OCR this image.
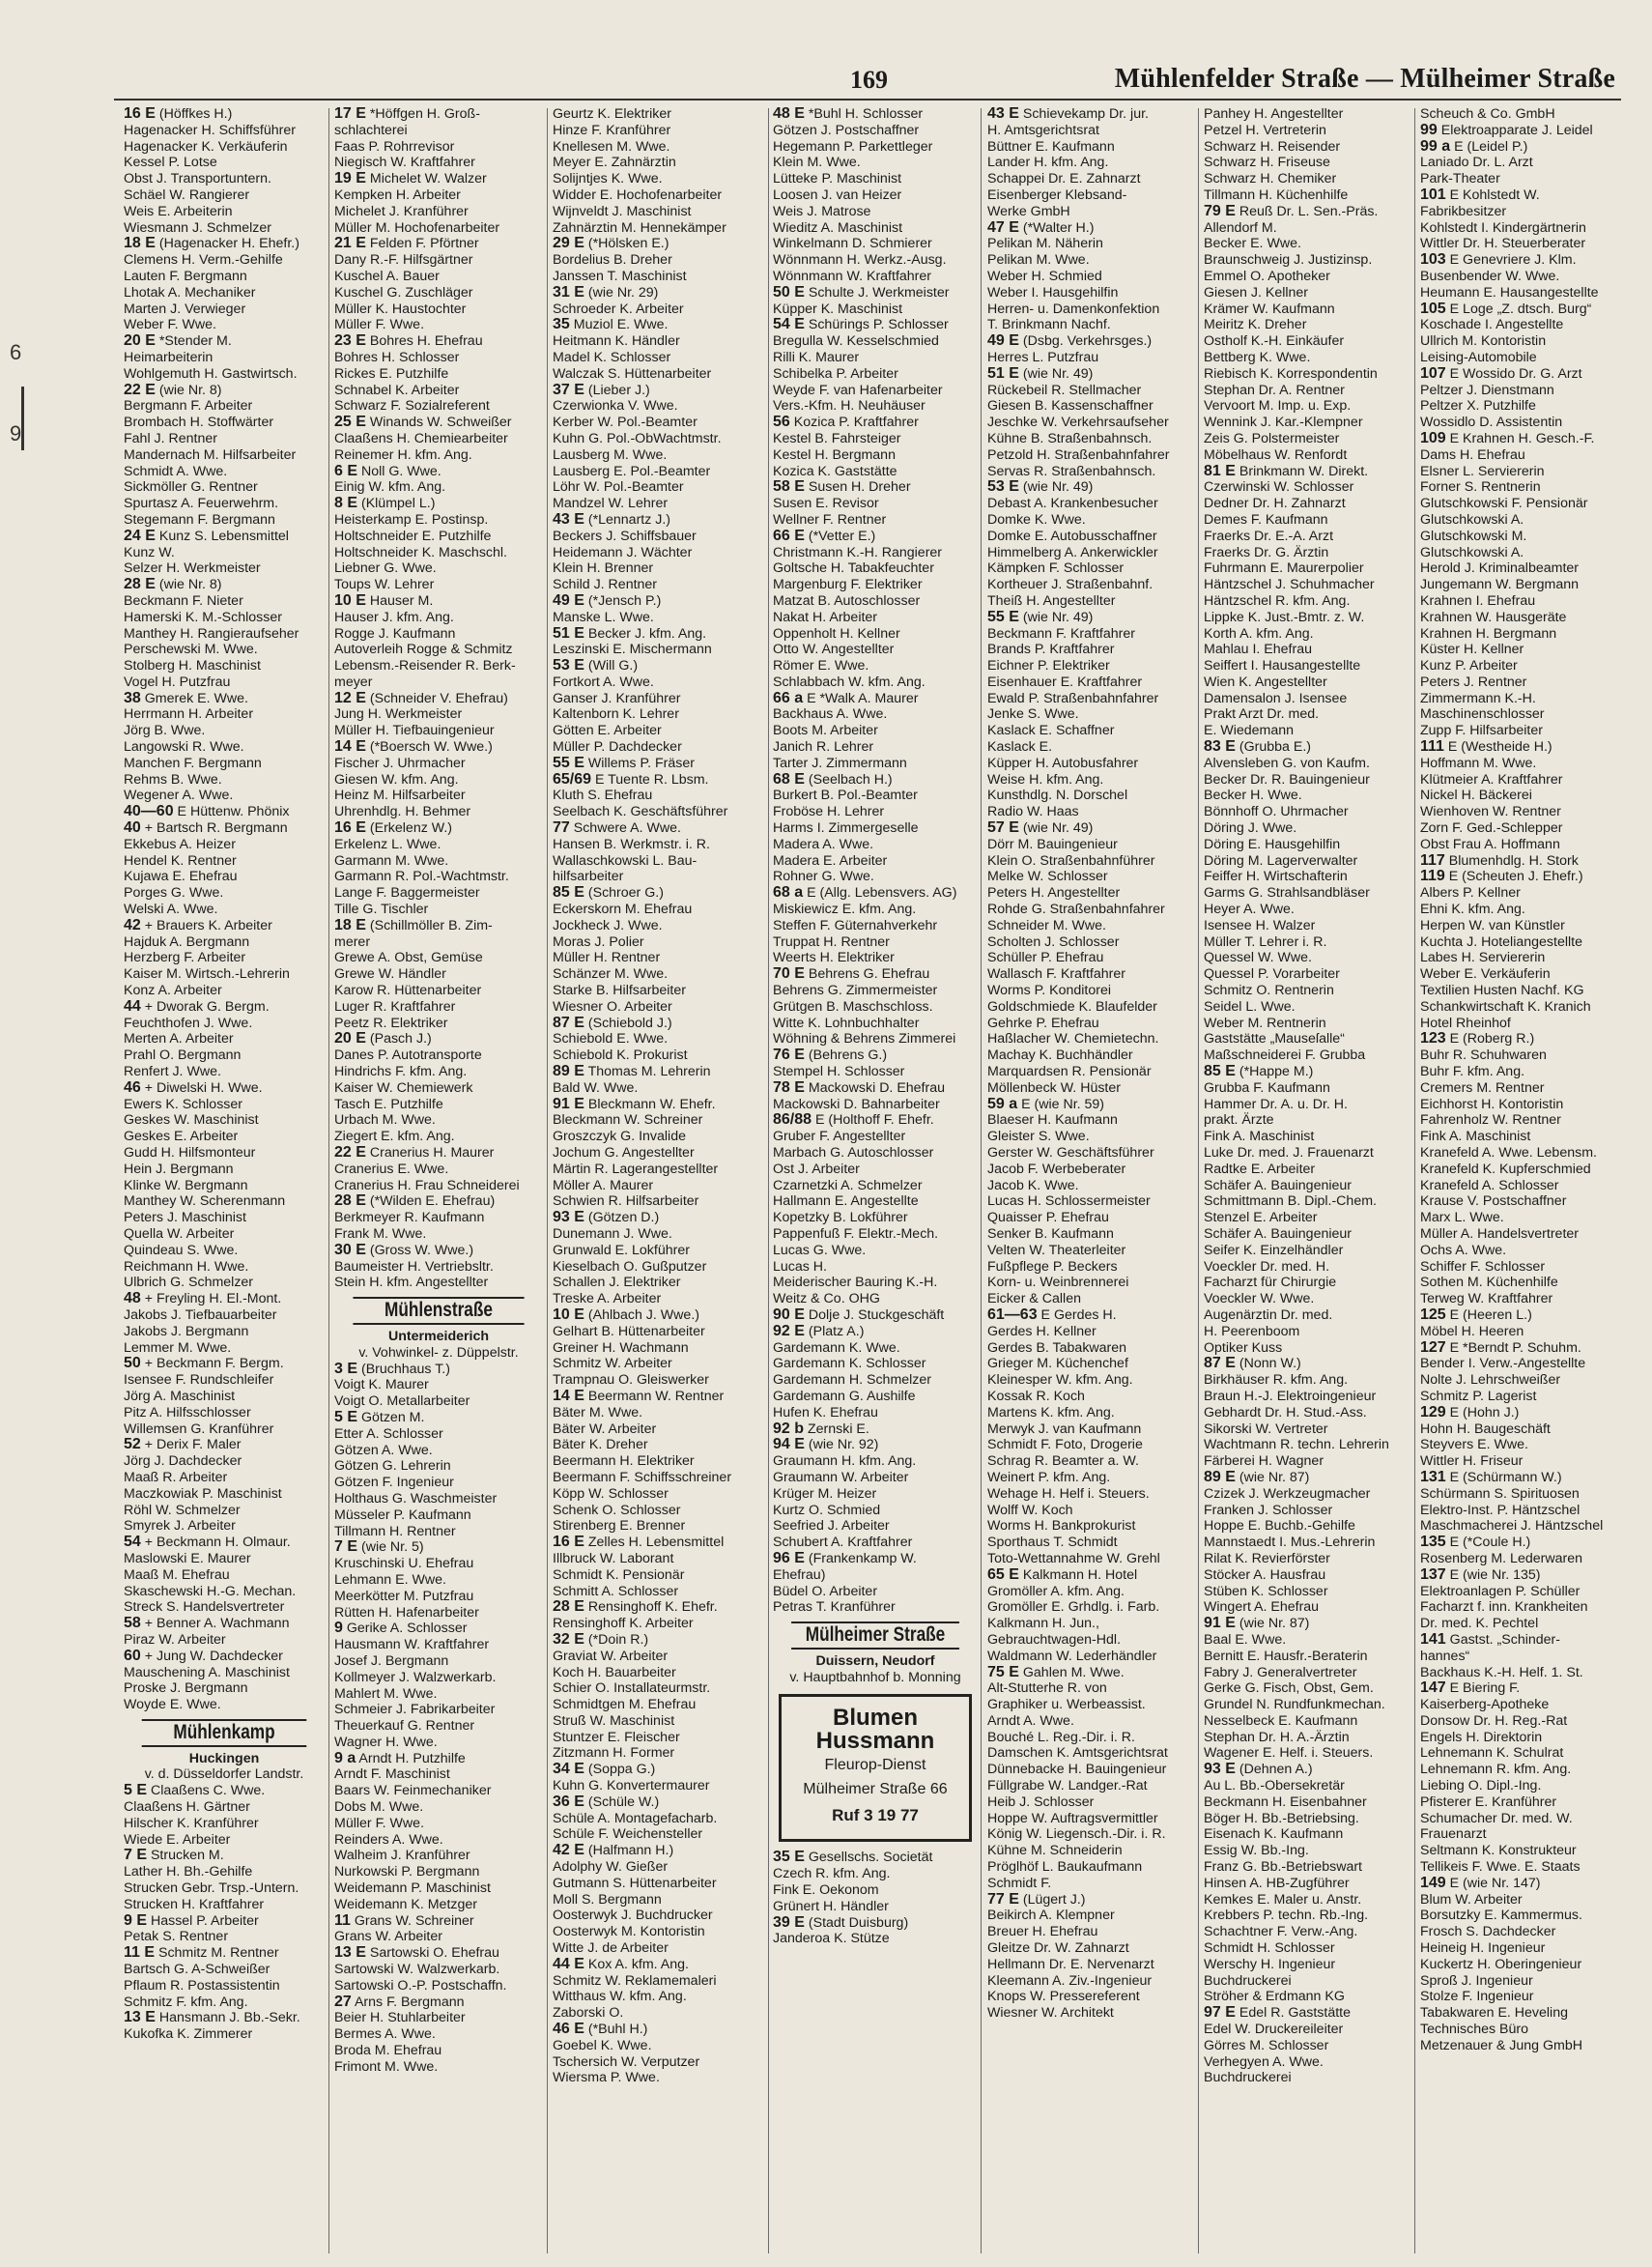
169	Mühlenfelder Straße — Mülheimer Straße
6
9
16 E (Höffkes H.)
Hagenacker H. Schiffsführer
Hagenacker K. Verkäuferin
Kessel P. Lotse
Obst J. Transportuntern.
Schäel W. Rangierer
Weis E. Arbeiterin
Wiesmann J. Schmelzer
18 E (Hagenacker H. Ehefr.)
Clemens H. Verm.-Gehilfe
Lauten F. Bergmann
Lhotak A. Mechaniker
Marten J. Verwieger
Weber F. Wwe.
20 E *Stender M.
Heimarbeiterin
Wohlgemuth H. Gastwirtsch.
22 E (wie Nr. 8)
Bergmann F. Arbeiter
Brombach H. Stoffwärter
Fahl J. Rentner
Mandernach M. Hilfsarbeiter
Schmidt A. Wwe.
Sickmöller G. Rentner
Spurtasz A. Feuerwehrm.
Stegemann F. Bergmann
24 E Kunz S. Lebensmittel
Kunz W.
Selzer H. Werkmeister
28 E (wie Nr. 8)
Beckmann F. Nieter
Hamerski K. M.-Schlosser
Manthey H. Rangieraufseher
Perschewski M. Wwe.
Stolberg H. Maschinist
Vogel H. Putzfrau
38 Gmerek E. Wwe.
Herrmann H. Arbeiter
Jörg B. Wwe.
Langowski R. Wwe.
Manchen F. Bergmann
Rehms B. Wwe.
Wegener A. Wwe.
40—60 E Hüttenw. Phönix
40 + Bartsch R. Bergmann
Ekkebus A. Heizer
Hendel K. Rentner
Kujawa E. Ehefrau
Porges G. Wwe.
Welski A. Wwe.
42 + Brauers K. Arbeiter
Hajduk A. Bergmann
Herzberg F. Arbeiter
Kaiser M. Wirtsch.-Lehrerin
Konz A. Arbeiter
44 + Dworak G. Bergm.
Feuchthofen J. Wwe.
Merten A. Arbeiter
Prahl O. Bergmann
Renfert J. Wwe.
46 + Diwelski H. Wwe.
Ewers K. Schlosser
Geskes W. Maschinist
Geskes E. Arbeiter
Gudd H. Hilfsmonteur
Hein J. Bergmann
Klinke W. Bergmann
Manthey W. Scherenmann
Peters J. Maschinist
Quella W. Arbeiter
Quindeau S. Wwe.
Reichmann H. Wwe.
Ulbrich G. Schmelzer
48 + Freyling H. El.-Mont.
Jakobs J. Tiefbauarbeiter
Jakobs J. Bergmann
Lemmer M. Wwe.
50 + Beckmann F. Bergm.
Isensee F. Rundschleifer
Jörg A. Maschinist
Pitz A. Hilfsschlosser
Willemsen G. Kranführer
52 + Derix F. Maler
Jörg J. Dachdecker
Maaß R. Arbeiter
Maczkowiak P. Maschinist
Röhl W. Schmelzer
Smyrek J. Arbeiter
54 + Beckmann H. Olmaur.
Maslowski E. Maurer
Maaß M. Ehefrau
Skaschewski H.-G. Mechan.
Streck S. Handelsvertreter
58 + Benner A. Wachmann
Piraz W. Arbeiter
60 + Jung W. Dachdecker
Mauschening A. Maschinist
Proske J. Bergmann
Woyde E. Wwe.
Mühlenkamp
Huckingen
v. d. Düsseldorfer Landstr.
5 E Claaßens C. Wwe.
Claaßens H. Gärtner
Hilscher K. Kranführer
Wiede E. Arbeiter
7 E Strucken M.
Lather H. Bh.-Gehilfe
Strucken Gebr. Trsp.-Untern.
Strucken H. Kraftfahrer
9 E Hassel P. Arbeiter
Petak S. Rentner
11 E Schmitz M. Rentner
Bartsch G. A-Schweißer
Pflaum R. Postassistentin
Schmitz F. kfm. Ang.
13 E Hansmann J. Bb.-Sekr.
Kukofka K. Zimmerer
17 E *Höffgen H. Groß-
schlachterei
Faas P. Rohrrevisor
Niegisch W. Kraftfahrer
19 E Michelet W. Walzer
Kempken H. Arbeiter
Michelet J. Kranführer
Müller M. Hochofenarbeiter
21 E Felden F. Pförtner
Dany R.-F. Hilfsgärtner
Kuschel A. Bauer
Kuschel G. Zuschläger
Müller K. Haustochter
Müller F. Wwe.
23 E Bohres H. Ehefrau
Bohres H. Schlosser
Rickes E. Putzhilfe
Schnabel K. Arbeiter
Schwarz F. Sozialreferent
25 E Winands W. Schweißer
Claaßens H. Chemiearbeiter
Reinemer H. kfm. Ang.
6 E Noll G. Wwe.
Einig W. kfm. Ang.
8 E (Klümpel L.)
Heisterkamp E. Postinsp.
Holtschneider E. Putzhilfe
Holtschneider K. Maschschl.
Liebner G. Wwe.
Toups W. Lehrer
10 E Hauser M.
Hauser J. kfm. Ang.
Rogge J. Kaufmann
Autoverleih Rogge & Schmitz
Lebensm.-Reisender R. Berk-
meyer
12 E (Schneider V. Ehefrau)
Jung H. Werkmeister
Müller H. Tiefbauingenieur
14 E (*Boersch W. Wwe.)
Fischer J. Uhrmacher
Giesen W. kfm. Ang.
Heinz M. Hilfsarbeiter
Uhrenhdlg. H. Behmer
16 E (Erkelenz W.)
Erkelenz L. Wwe.
Garmann M. Wwe.
Garmann R. Pol.-Wachtmstr.
Lange F. Baggermeister
Tille G. Tischler
18 E (Schillmöller B. Zim-
merer
Grewe A. Obst, Gemüse
Grewe W. Händler
Karow R. Hüttenarbeiter
Luger R. Kraftfahrer
Peetz R. Elektriker
20 E (Pasch J.)
Danes P. Autotransporte
Hindrichs F. kfm. Ang.
Kaiser W. Chemiewerk
Tasch E. Putzhilfe
Urbach M. Wwe.
Ziegert E. kfm. Ang.
22 E Cranerius H. Maurer
Cranerius E. Wwe.
Cranerius H. Frau Schneiderei
28 E (*Wilden E. Ehefrau)
Berkmeyer R. Kaufmann
Frank M. Wwe.
30 E (Gross W. Wwe.)
Baumeister H. Vertriebsltr.
Stein H. kfm. Angestellter
Mühlenstraße
Untermeiderich
v. Vohwinkel- z. Düppelstr.
3 E (Bruchhaus T.)
Voigt K. Maurer
Voigt O. Metallarbeiter
5 E Götzen M.
Etter A. Schlosser
Götzen A. Wwe.
Götzen G. Lehrerin
Götzen F. Ingenieur
Holthaus G. Waschmeister
Müsseler P. Kaufmann
Tillmann H. Rentner
7 E (wie Nr. 5)
Kruschinski U. Ehefrau
Lehmann E. Wwe.
Meerkötter M. Putzfrau
Rütten H. Hafenarbeiter
9 Gerike A. Schlosser
Hausmann W. Kraftfahrer
Josef J. Bergmann
Kollmeyer J. Walzwerkarb.
Mahlert M. Wwe.
Schmeier J. Fabrikarbeiter
Theuerkauf G. Rentner
Wagner H. Wwe.
9 a Arndt H. Putzhilfe
Arndt F. Maschinist
Baars W. Feinmechaniker
Dobs M. Wwe.
Müller F. Wwe.
Reinders A. Wwe.
Walheim J. Kranführer
Nurkowski P. Bergmann
Weidemann P. Maschinist
Weidemann K. Metzger
11 Grans W. Schreiner
Grans W. Arbeiter
13 E Sartowski O. Ehefrau
Sartowski W. Walzwerkarb.
Sartowski O.-P. Postschaffn.
27 Arns F. Bergmann
Beier H. Stuhlarbeiter
Bermes A. Wwe.
Broda M. Ehefrau
Frimont M. Wwe.
Geurtz K. Elektriker
Hinze F. Kranführer
Knellesen M. Wwe.
Meyer E. Zahnärztin
Solijntjes K. Wwe.
Widder E. Hochofenarbeiter
Wijnveldt J. Maschinist
Zahnärztin M. Hennekämper
29 E (*Hölsken E.)
Bordelius B. Dreher
Janssen T. Maschinist
31 E (wie Nr. 29)
Schroeder K. Arbeiter
35 Muziol E. Wwe.
Heitmann K. Händler
Madel K. Schlosser
Walczak S. Hüttenarbeiter
37 E (Lieber J.)
Czerwionka V. Wwe.
Kerber W. Pol.-Beamter
Kuhn G. Pol.-ObWachtmstr.
Lausberg M. Wwe.
Lausberg E. Pol.-Beamter
Löhr W. Pol.-Beamter
Mandzel W. Lehrer
43 E (*Lennartz J.)
Beckers J. Schiffsbauer
Heidemann J. Wächter
Klein H. Brenner
Schild J. Rentner
49 E (*Jensch P.)
Manske L. Wwe.
51 E Becker J. kfm. Ang.
Leszinski E. Mischermann
53 E (Will G.)
Fortkort A. Wwe.
Ganser J. Kranführer
Kaltenborn K. Lehrer
Götten E. Arbeiter
Müller P. Dachdecker
55 E Willems P. Fräser
65/69 E Tuente R. Lbsm.
Kluth S. Ehefrau
Seelbach K. Geschäftsführer
77 Schwere A. Wwe.
Hansen B. Werkmstr. i. R.
Wallaschkowski L. Bau-
hilfsarbeiter
85 E (Schroer G.)
Eckerskorn M. Ehefrau
Jockheck J. Wwe.
Moras J. Polier
Müller H. Rentner
Schänzer M. Wwe.
Starke B. Hilfsarbeiter
Wiesner O. Arbeiter
87 E (Schiebold J.)
Schiebold E. Wwe.
Schiebold K. Prokurist
89 E Thomas M. Lehrerin
Bald W. Wwe.
91 E Bleckmann W. Ehefr.
Bleckmann W. Schreiner
Groszczyk G. Invalide
Jochum G. Angestellter
Märtin R. Lagerangestellter
Möller A. Maurer
Schwien R. Hilfsarbeiter
93 E (Götzen D.)
Dunemann J. Wwe.
Grunwald E. Lokführer
Kieselbach O. Gußputzer
Schallen J. Elektriker
Treske A. Arbeiter
10 E (Ahlbach J. Wwe.)
Gelhart B. Hüttenarbeiter
Greiner H. Wachmann
Schmitz W. Arbeiter
Trampnau O. Gleiswerker
14 E Beermann W. Rentner
Bäter M. Wwe.
Bäter W. Arbeiter
Bäter K. Dreher
Beermann H. Elektriker
Beermann F. Schiffsschreiner
Köpp W. Schlosser
Schenk O. Schlosser
Stirenberg E. Brenner
16 E Zelles H. Lebensmittel
Illbruck W. Laborant
Schmidt K. Pensionär
Schmitt A. Schlosser
28 E Rensinghoff K. Ehefr.
Rensinghoff K. Arbeiter
32 E (*Doin R.)
Graviat W. Arbeiter
Koch H. Bauarbeiter
Schier O. Installateurmstr.
Schmidtgen M. Ehefrau
Struß W. Maschinist
Stuntzer E. Fleischer
Zitzmann H. Former
34 E (Soppa G.)
Kuhn G. Konvertermaurer
36 E (Schüle W.)
Schüle A. Montagefacharb.
Schüle F. Weichensteller
42 E (Halfmann H.)
Adolphy W. Gießer
Gutmann S. Hüttenarbeiter
Moll S. Bergmann
Oosterwyk J. Buchdrucker
Oosterwyk M. Kontoristin
Witte J. de Arbeiter
44 E Kox A. kfm. Ang.
Schmitz W. Reklamemaleri
Witthaus W. kfm. Ang.
Zaborski O.
46 E (*Buhl H.)
Goebel K. Wwe.
Tschersich W. Verputzer
Wiersma P. Wwe.
48 E *Buhl H. Schlosser
Götzen J. Postschaffner
Hegemann P. Parkettleger
Klein M. Wwe.
Lütteke P. Maschinist
Loosen J. van Heizer
Weis J. Matrose
Wieditz A. Maschinist
Winkelmann D. Schmierer
Wönnmann H. Werkz.-Ausg.
Wönnmann W. Kraftfahrer
50 E Schulte J. Werkmeister
Küpper K. Maschinist
54 E Schürings P. Schlosser
Bregulla W. Kesselschmied
Rilli K. Maurer
Schibelka P. Arbeiter
Weyde F. van Hafenarbeiter
Vers.-Kfm. H. Neuhäuser
56 Kozica P. Kraftfahrer
Kestel B. Fahrsteiger
Kestel H. Bergmann
Kozica K. Gaststätte
58 E Susen H. Dreher
Susen E. Revisor
Wellner F. Rentner
66 E (*Vetter E.)
Christmann K.-H. Rangierer
Goltsche H. Tabakfeuchter
Margenburg F. Elektriker
Matzat B. Autoschlosser
Nakat H. Arbeiter
Oppenholt H. Kellner
Otto W. Angestellter
Römer E. Wwe.
Schlabbach W. kfm. Ang.
66 a E *Walk A. Maurer
Backhaus A. Wwe.
Boots M. Arbeiter
Janich R. Lehrer
Tarter J. Zimmermann
68 E (Seelbach H.)
Burkert B. Pol.-Beamter
Froböse H. Lehrer
Harms I. Zimmergeselle
Madera A. Wwe.
Madera E. Arbeiter
Rohner G. Wwe.
68 a E (Allg. Lebensvers. AG)
Miskiewicz E. kfm. Ang.
Steffen F. Güternahverkehr
Truppat H. Rentner
Weerts H. Elektriker
70 E Behrens G. Ehefrau
Behrens G. Zimmermeister
Grütgen B. Maschschloss.
Witte K. Lohnbuchhalter
Wöhning & Behrens Zimmerei
76 E (Behrens G.)
Stempel H. Schlosser
78 E Mackowski D. Ehefrau
Mackowski D. Bahnarbeiter
86/88 E (Holthoff F. Ehefr.
Gruber F. Angestellter
Marbach G. Autoschlosser
Ost J. Arbeiter
Czarnetzki A. Schmelzer
Hallmann E. Angestellte
Kopetzky B. Lokführer
Pappenfuß F. Elektr.-Mech.
Lucas G. Wwe.
Lucas H.
Meiderischer Bauring K.-H.
Weitz & Co. OHG
90 E Dolje J. Stuckgeschäft
92 E (Platz A.)
Gardemann K. Wwe.
Gardemann K. Schlosser
Gardemann H. Schmelzer
Gardemann G. Aushilfe
Hufen K. Ehefrau
92 b Zernski E.
94 E (wie Nr. 92)
Graumann H. kfm. Ang.
Graumann W. Arbeiter
Krüger M. Heizer
Kurtz O. Schmied
Seefried J. Arbeiter
Schubert A. Kraftfahrer
96 E (Frankenkamp W.
Ehefrau)
Büdel O. Arbeiter
Petras T. Kranführer
Mülheimer Straße
Duissern, Neudorf
v. Hauptbahnhof b. Monning
Blumen
Hussmann
Fleurop-Dienst
Mülheimer Straße 66
Ruf 3 19 77
35 E Gesellschs. Societät
Czech R. kfm. Ang.
Fink E. Oekonom
Grünert H. Händler
39 E (Stadt Duisburg)
Janderoa K. Stütze
43 E Schievekamp Dr. jur.
H. Amtsgerichtsrat
Büttner E. Kaufmann
Lander H. kfm. Ang.
Schappei Dr. E. Zahnarzt
Eisenberger Klebsand-
Werke GmbH
47 E (*Walter H.)
Pelikan M. Näherin
Pelikan M. Wwe.
Weber H. Schmied
Weber I. Hausgehilfin
Herren- u. Damenkonfektion
T. Brinkmann Nachf.
49 E (Dsbg. Verkehrsges.)
Herres L. Putzfrau
51 E (wie Nr. 49)
Rückebeil R. Stellmacher
Giesen B. Kassenschaffner
Jeschke W. Verkehrsaufseher
Kühne B. Straßenbahnsch.
Petzold H. Straßenbahnfahrer
Servas R. Straßenbahnsch.
53 E (wie Nr. 49)
Debast A. Krankenbesucher
Domke K. Wwe.
Domke E. Autobusschaffner
Himmelberg A. Ankerwickler
Kämpken F. Schlosser
Kortheuer J. Straßenbahnf.
Theiß H. Angestellter
55 E (wie Nr. 49)
Beckmann F. Kraftfahrer
Brands P. Kraftfahrer
Eichner P. Elektriker
Eisenhauer E. Kraftfahrer
Ewald P. Straßenbahnfahrer
Jenke S. Wwe.
Kaslack E. Schaffner
Kaslack E.
Küpper H. Autobusfahrer
Weise H. kfm. Ang.
Kunsthdlg. N. Dorschel
Radio W. Haas
57 E (wie Nr. 49)
Dörr M. Bauingenieur
Klein O. Straßenbahnführer
Melke W. Schlosser
Peters H. Angestellter
Rohde G. Straßenbahnfahrer
Schneider M. Wwe.
Scholten J. Schlosser
Schüller P. Ehefrau
Wallasch F. Kraftfahrer
Worms P. Konditorei
Goldschmiede K. Blaufelder
Gehrke P. Ehefrau
Haßlacher W. Chemietechn.
Machay K. Buchhändler
Marquardsen R. Pensionär
Möllenbeck W. Hüster
59 a E (wie Nr. 59)
Blaeser H. Kaufmann
Gleister S. Wwe.
Gerster W. Geschäftsführer
Jacob F. Werbeberater
Jacob K. Wwe.
Lucas H. Schlossermeister
Quaisser P. Ehefrau
Senker B. Kaufmann
Velten W. Theaterleiter
Fußpflege P. Beckers
Korn- u. Weinbrennerei
Eicker & Callen
61—63 E Gerdes H.
Gerdes H. Kellner
Gerdes B. Tabakwaren
Grieger M. Küchenchef
Kleinesper W. kfm. Ang.
Kossak R. Koch
Martens K. kfm. Ang.
Merwyk J. van Kaufmann
Schmidt F. Foto, Drogerie
Schrag R. Beamter a. W.
Weinert P. kfm. Ang.
Wehage H. Helf i. Steuers.
Wolff W. Koch
Worms H. Bankprokurist
Sporthaus T. Schmidt
Toto-Wettannahme W. Grehl
65 E Kalkmann H. Hotel
Gromöller A. kfm. Ang.
Gromöller E. Grhdlg. i. Farb.
Kalkmann H. Jun.,
Gebrauchtwagen-Hdl.
Waldmann W. Lederhändler
75 E Gahlen M. Wwe.
Alt-Stutterhe R. von
Graphiker u. Werbeassist.
Arndt A. Wwe.
Bouché L. Reg.-Dir. i. R.
Damschen K. Amtsgerichtsrat
Dünnebacke H. Bauingenieur
Füllgrabe W. Landger.-Rat
Heib J. Schlosser
Hoppe W. Auftragsvermittler
König W. Liegensch.-Dir. i. R.
Kühne M. Schneiderin
Pröglhöf L. Baukaufmann
Schmidt F.
77 E (Lügert J.)
Beikirch A. Klempner
Breuer H. Ehefrau
Gleitze Dr. W. Zahnarzt
Hellmann Dr. E. Nervenarzt
Kleemann A. Ziv.-Ingenieur
Knops W. Pressereferent
Wiesner W. Architekt
Panhey H. Angestellter
Petzel H. Vertreterin
Schwarz H. Reisender
Schwarz H. Friseuse
Schwarz H. Chemiker
Tillmann H. Küchenhilfe
79 E Reuß Dr. L. Sen.-Präs.
Allendorf M.
Becker E. Wwe.
Braunschweig J. Justizinsp.
Emmel O. Apotheker
Giesen J. Kellner
Krämer W. Kaufmann
Meiritz K. Dreher
Ostholf K.-H. Einkäufer
Bettberg K. Wwe.
Riebisch K. Korrespondentin
Stephan Dr. A. Rentner
Vervoort M. Imp. u. Exp.
Wennink J. Kar.-Klempner
Zeis G. Polstermeister
Möbelhaus W. Renfordt
81 E Brinkmann W. Direkt.
Czerwinski W. Schlosser
Dedner Dr. H. Zahnarzt
Demes F. Kaufmann
Fraerks Dr. E.-A. Arzt
Fraerks Dr. G. Ärztin
Fuhrmann E. Maurerpolier
Häntzschel J. Schuhmacher
Häntzschel R. kfm. Ang.
Lippke K. Just.-Bmtr. z. W.
Korth A. kfm. Ang.
Mahlau I. Ehefrau
Seiffert I. Hausangestellte
Wien K. Angestellter
Damensalon J. Isensee
Prakt Arzt Dr. med.
E. Wiedemann
83 E (Grubba E.)
Alvensleben G. von Kaufm.
Becker Dr. R. Bauingenieur
Becker H. Wwe.
Bönnhoff O. Uhrmacher
Döring J. Wwe.
Döring E. Hausgehilfin
Döring M. Lagerverwalter
Feiffer H. Wirtschafterin
Garms G. Strahlsandbläser
Heyer A. Wwe.
Isensee H. Walzer
Müller T. Lehrer i. R.
Quessel W. Wwe.
Quessel P. Vorarbeiter
Schmitz O. Rentnerin
Seidel L. Wwe.
Weber M. Rentnerin
Gaststätte „Mauseſalle“
Maßschneiderei F. Grubba
85 E (*Happe M.)
Grubba F. Kaufmann
Hammer Dr. A. u. Dr. H.
prakt. Ärzte
Fink A. Maschinist
Luke Dr. med. J. Frauenarzt
Radtke E. Arbeiter
Schäfer A. Bauingenieur
Schmittmann B. Dipl.-Chem.
Stenzel E. Arbeiter
Schäfer A. Bauingenieur
Seifer K. Einzelhändler
Voeckler Dr. med. H.
Facharzt für Chirurgie
Voeckler W. Wwe.
Augenärztin Dr. med.
H. Peerenboom
Optiker Kuss
87 E (Nonn W.)
Birkhäuser R. kfm. Ang.
Braun H.-J. Elektroingenieur
Gebhardt Dr. H. Stud.-Ass.
Sikorski W. Vertreter
Wachtmann R. techn. Lehrerin
Färberei H. Wagner
89 E (wie Nr. 87)
Czizek J. Werkzeugmacher
Franken J. Schlosser
Hoppe E. Buchb.-Gehilfe
Mannstaedt I. Mus.-Lehrerin
Rilat K. Revierförster
Stöcker A. Hausfrau
Stüben K. Schlosser
Wingert A. Ehefrau
91 E (wie Nr. 87)
Baal E. Wwe.
Bernitt E. Hausfr.-Beraterin
Fabry J. Generalvertreter
Gerke G. Fisch, Obst, Gem.
Grundel N. Rundfunkmechan.
Nesselbeck E. Kaufmann
Stephan Dr. H. A.-Ärztin
Wagener E. Helf. i. Steuers.
93 E (Dehnen A.)
Au L. Bb.-Obersekretär
Beckmann H. Eisenbahner
Böger H. Bb.-Betriebsing.
Eisenach K. Kaufmann
Essig W. Bb.-Ing.
Franz G. Bb.-Betriebswart
Hinsen A. HB-Zugführer
Kemkes E. Maler u. Anstr.
Krebbers P. techn. Rb.-Ing.
Schachtner F. Verw.-Ang.
Schmidt H. Schlosser
Werschy H. Ingenieur
Buchdruckerei
Ströher & Erdmann KG
97 E Edel R. Gaststätte
Edel W. Druckereileiter
Görres M. Schlosser
Verhegyen A. Wwe.
Buchdruckerei
Scheuch & Co. GmbH
99 Elektroapparate J. Leidel
99 a E (Leidel P.)
Laniado Dr. L. Arzt
Park-Theater
101 E Kohlstedt W.
Fabrikbesitzer
Kohlstedt I. Kindergärtnerin
Wittler Dr. H. Steuerberater
103 E Genevriere J. Klm.
Busenbender W. Wwe.
Heumann E. Hausangestellte
105 E Loge „Z. dtsch. Burg“
Koschade I. Angestellte
Ullrich M. Kontoristin
Leising-Automobile
107 E Wossido Dr. G. Arzt
Peltzer J. Dienstmann
Peltzer X. Putzhilfe
Wossidlo D. Assistentin
109 E Krahnen H. Gesch.-F.
Dams H. Ehefrau
Elsner L. Serviererin
Forner S. Rentnerin
Glutschkowski F. Pensionär
Glutschkowski A.
Glutschkowski M.
Glutschkowski A.
Herold J. Kriminalbeamter
Jungemann W. Bergmann
Krahnen I. Ehefrau
Krahnen W. Hausgeräte
Krahnen H. Bergmann
Küster H. Kellner
Kunz P. Arbeiter
Peters J. Rentner
Zimmermann K.-H.
Maschinenschlosser
Zupp F. Hilfsarbeiter
111 E (Westheide H.)
Hoffmann M. Wwe.
Klütmeier A. Kraftfahrer
Nickel H. Bäckerei
Wienhoven W. Rentner
Zorn F. Ged.-Schlepper
Obst Frau A. Hoffmann
117 Blumenhdlg. H. Stork
119 E (Scheuten J. Ehefr.)
Albers P. Kellner
Ehni K. kfm. Ang.
Herpen W. van Künstler
Kuchta J. Hoteliangestellte
Labes H. Serviererin
Weber E. Verkäuferin
Textilien Husten Nachf. KG
Schankwirtschaft K. Kranich
Hotel Rheinhof
123 E (Roberg R.)
Buhr R. Schuhwaren
Buhr F. kfm. Ang.
Cremers M. Rentner
Eichhorst H. Kontoristin
Fahrenholz W. Rentner
Fink A. Maschinist
Kranefeld A. Wwe. Lebensm.
Kranefeld K. Kupferschmied
Kranefeld A. Schlosser
Krause V. Postschaffner
Marx L. Wwe.
Müller A. Handelsvertreter
Ochs A. Wwe.
Schiffer F. Schlosser
Sothen M. Küchenhilfe
Terweg W. Kraftfahrer
125 E (Heeren L.)
Möbel H. Heeren
127 E *Berndt P. Schuhm.
Bender I. Verw.-Angestellte
Nolte J. Lehrschweißer
Schmitz P. Lagerist
129 E (Hohn J.)
Hohn H. Baugeschäft
Steyvers E. Wwe.
Wittler H. Friseur
131 E (Schürmann W.)
Schürmann S. Spirituosen
Elektro-Inst. P. Häntzschel
Maschmacherei J. Häntzschel
135 E (*Coule H.)
Rosenberg M. Lederwaren
137 E (wie Nr. 135)
Elektroanlagen P. Schüller
Facharzt f. inn. Krankheiten
Dr. med. K. Pechtel
141 Gastst. „Schinder-
hannes“
Backhaus K.-H. Helf. 1. St.
147 E Biering F.
Kaiserberg-Apotheke
Donsow Dr. H. Reg.-Rat
Engels H. Direktorin
Lehnemann K. Schulrat
Lehnemann R. kfm. Ang.
Liebing O. Dipl.-Ing.
Pfisterer E. Kranführer
Schumacher Dr. med. W.
Frauenarzt
Seltmann K. Konstrukteur
Tellikeis F. Wwe. E. Staats
149 E (wie Nr. 147)
Blum W. Arbeiter
Borsutzky E. Kammermus.
Frosch S. Dachdecker
Heineig H. Ingenieur
Kuckertz H. Oberingenieur
Sproß J. Ingenieur
Stolze F. Ingenieur
Tabakwaren E. Heveling
Technisches Büro
Metzenauer & Jung GmbH
